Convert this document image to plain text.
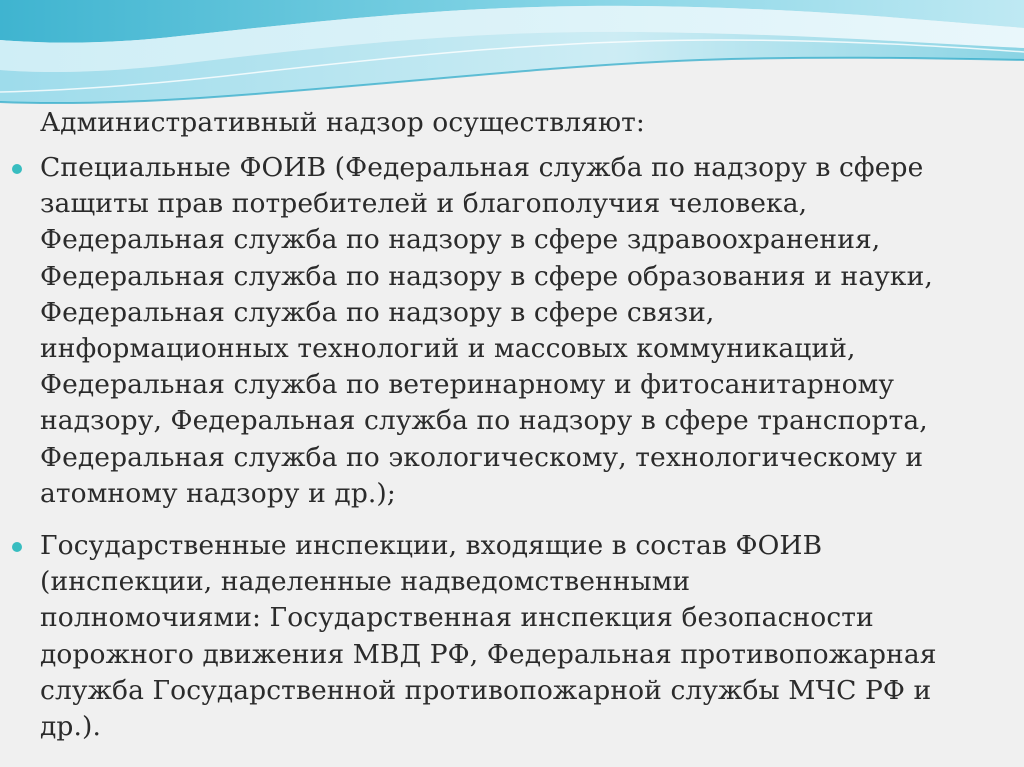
Административный надзор осуществляют:
Специальные ФОИВ (Федеральная служба по надзору в сфере
защиты прав потребителей и благополучия человека,
Федеральная служба по надзору в сфере здравоохранения,
Федеральная служба по надзору в сфере образования и науки,
Федеральная служба по надзору в сфере связи,
информационных технологий и массовых коммуникаций,
Федеральная служба по ветеринарному и фитосанитарному
надзору, Федеральная служба по надзору в сфере транспорта,
Федеральная служба по экологическому, технологическому и
атомному надзору и др.);
Государственные инспекции, входящие в состав ФОИВ
(инспекции, наделенные надведомственными
полномочиями: Государственная инспекция безопасности
дорожного движения МВД РФ, Федеральная противопожарная
служба Государственной противопожарной службы МЧС РФ и
др.).
